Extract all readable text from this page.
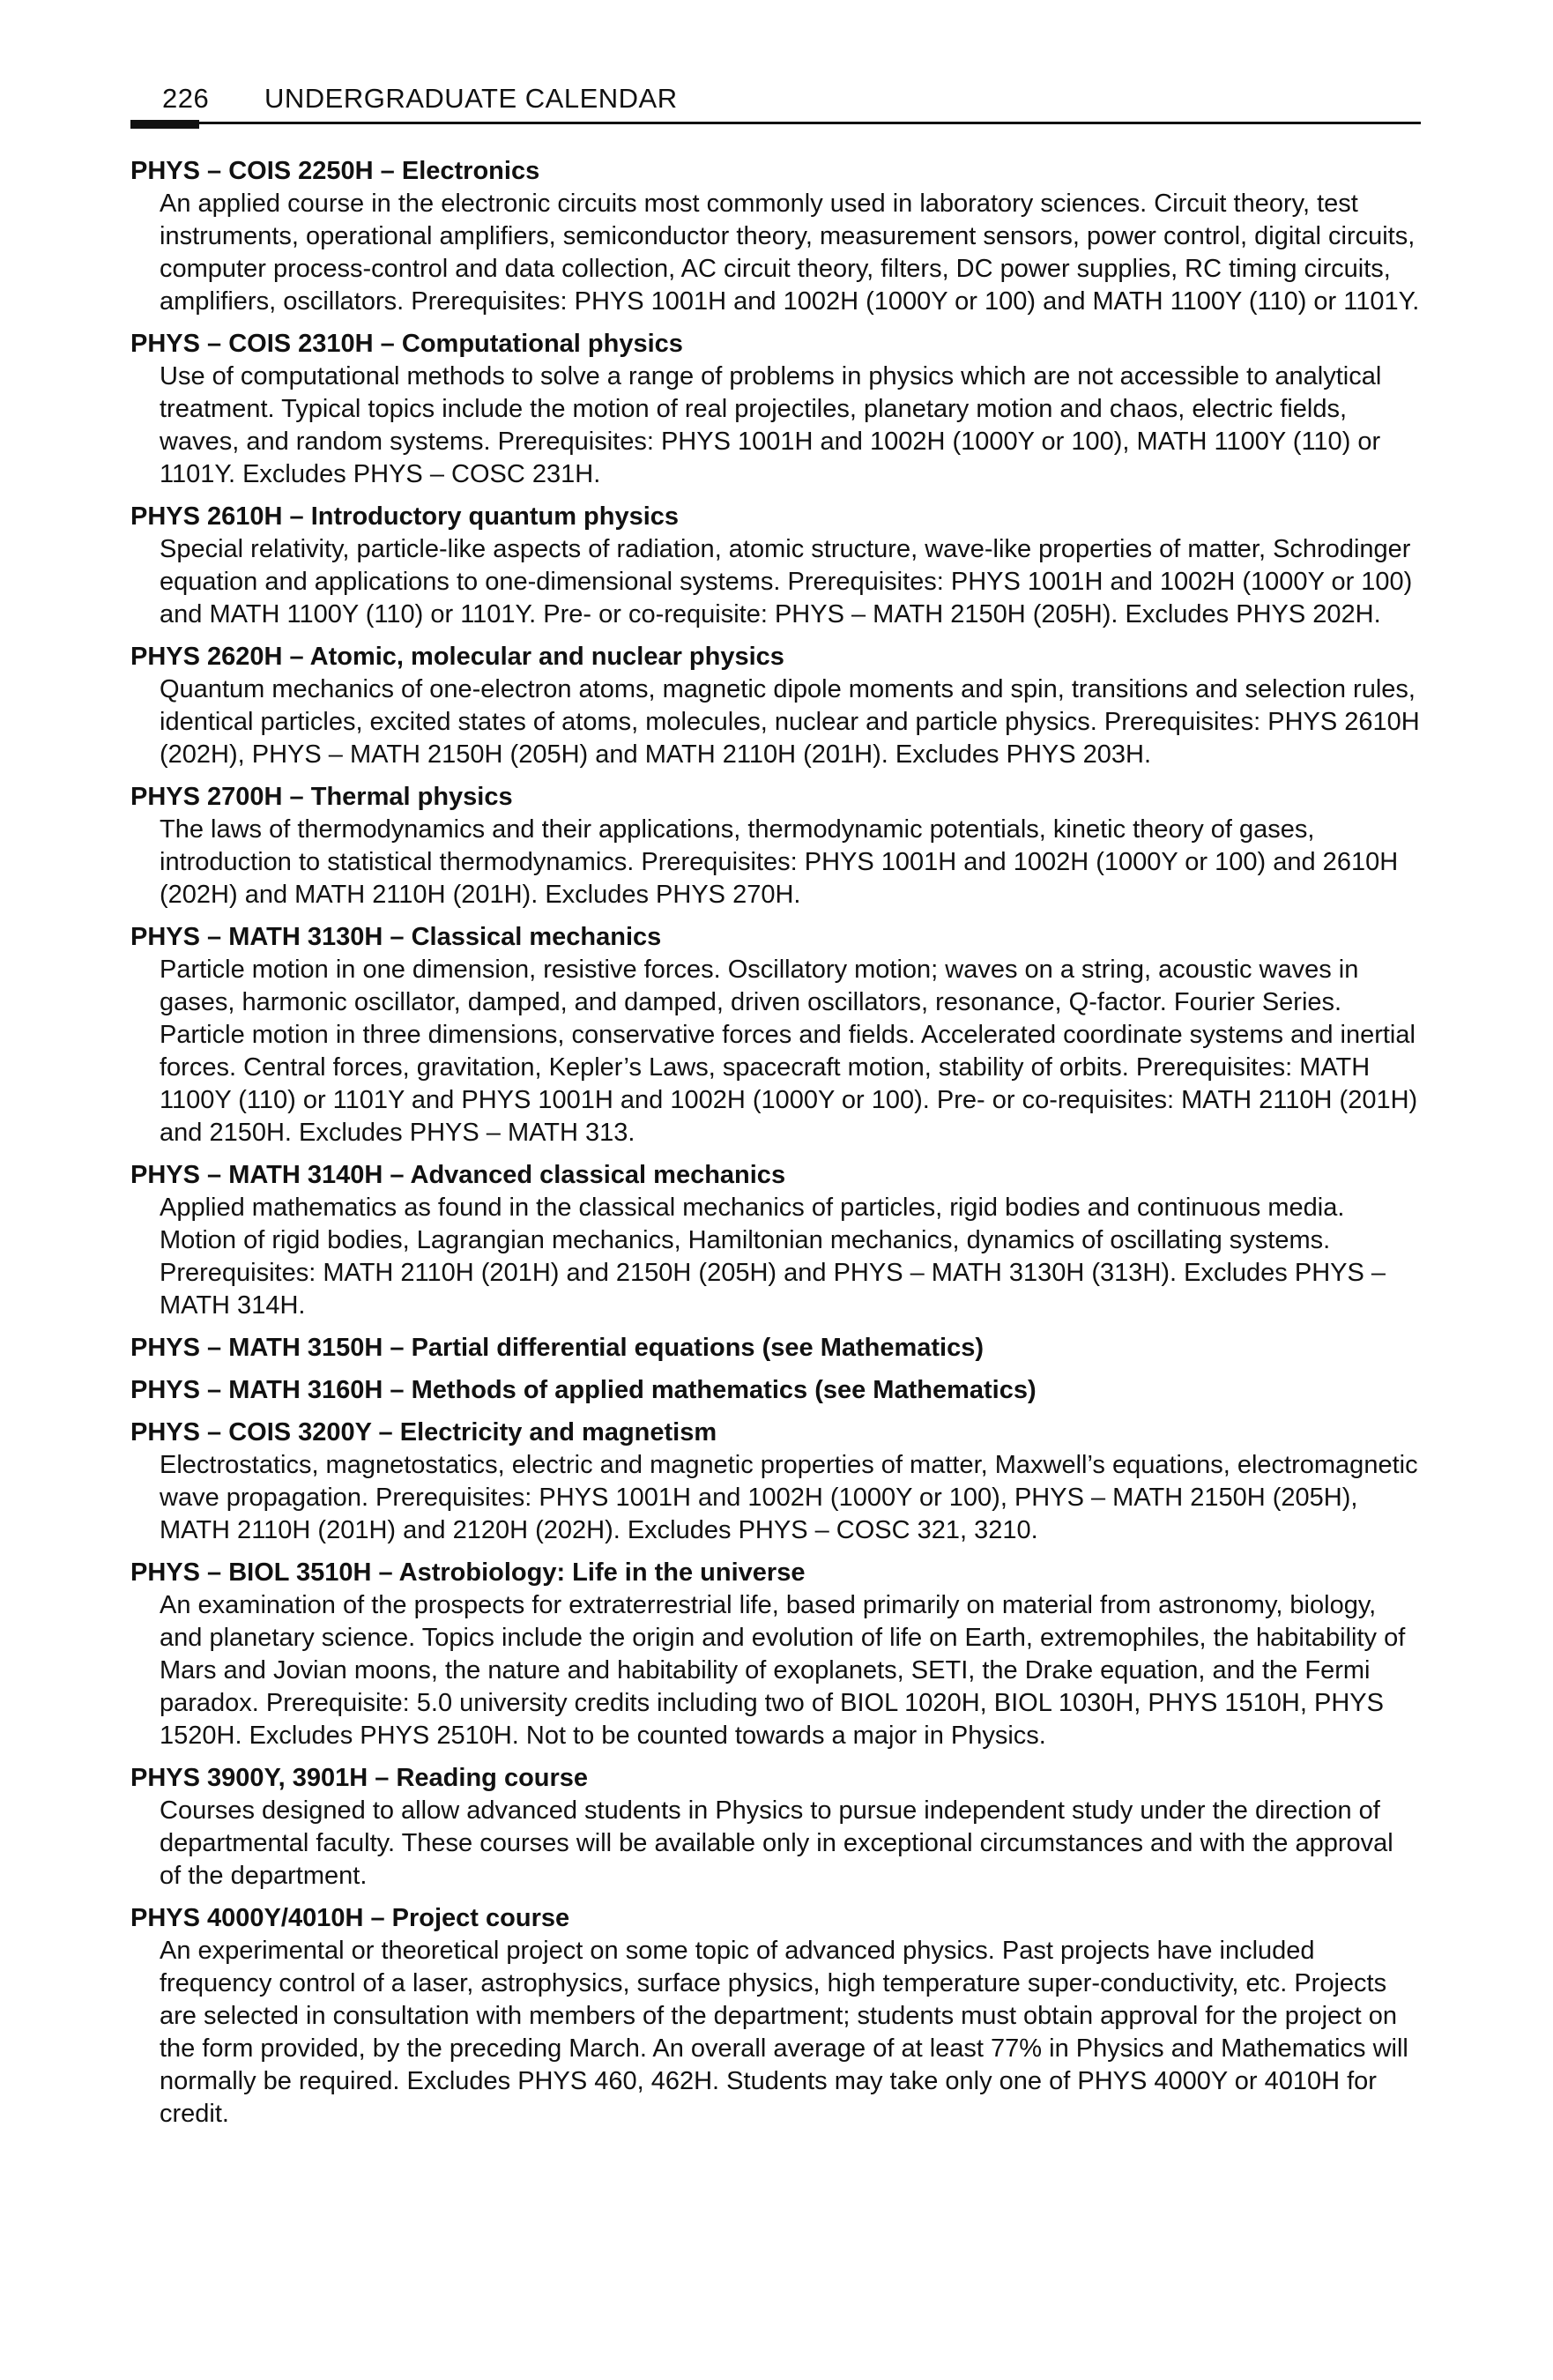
226 UNDERGRADUATE CALENDAR

PHYS – COIS 2250H – Electronics

An applied course in the electronic circuits most commonly used in laboratory sciences. Circuit theory, test instruments, operational amplifiers, semiconductor theory, measurement sensors, power control, digital circuits, computer process-control and data collection, AC circuit theory, filters, DC power supplies, RC timing circuits, amplifiers, oscillators. Prerequisites: PHYS 1001H and 1002H (1000Y or 100) and MATH 1100Y (110) or 1101Y.

PHYS – COIS 2310H – Computational physics

Use of computational methods to solve a range of problems in physics which are not accessible to analytical treatment. Typical topics include the motion of real projectiles, planetary motion and chaos, electric fields, waves, and random systems. Prerequisites: PHYS 1001H and 1002H (1000Y or 100), MATH 1100Y (110) or 1101Y. Excludes PHYS – COSC 231H.

PHYS 2610H – Introductory quantum physics

Special relativity, particle-like aspects of radiation, atomic structure, wave-like properties of matter, Schrodinger equation and applications to one-dimensional systems. Prerequisites: PHYS 1001H and 1002H (1000Y or 100) and MATH 1100Y (110) or 1101Y. Pre- or co-requisite: PHYS – MATH 2150H (205H). Excludes PHYS 202H.

PHYS 2620H – Atomic, molecular and nuclear physics

Quantum mechanics of one-electron atoms, magnetic dipole moments and spin, transitions and selection rules, identical particles, excited states of atoms, molecules, nuclear and particle physics. Prerequisites: PHYS 2610H (202H), PHYS – MATH 2150H (205H) and MATH 2110H (201H). Excludes PHYS 203H.

PHYS 2700H – Thermal physics

The laws of thermodynamics and their applications, thermodynamic potentials, kinetic theory of gases, introduction to statistical thermodynamics. Prerequisites: PHYS 1001H and 1002H (1000Y or 100) and 2610H (202H) and MATH 2110H (201H). Excludes PHYS 270H.

PHYS – MATH 3130H – Classical mechanics

Particle motion in one dimension, resistive forces. Oscillatory motion; waves on a string, acoustic waves in gases, harmonic oscillator, damped, and damped, driven oscillators, resonance, Q-factor. Fourier Series. Particle motion in three dimensions, conservative forces and fields. Accelerated coordinate systems and inertial forces. Central forces, gravitation, Kepler’s Laws, spacecraft motion, stability of orbits. Prerequisites: MATH 1100Y (110) or 1101Y and PHYS 1001H and 1002H (1000Y or 100). Pre- or co-requisites: MATH 2110H (201H) and 2150H. Excludes PHYS – MATH 313.

PHYS – MATH 3140H – Advanced classical mechanics

Applied mathematics as found in the classical mechanics of particles, rigid bodies and continuous media. Motion of rigid bodies, Lagrangian mechanics, Hamiltonian mechanics, dynamics of oscillating systems. Prerequisites: MATH 2110H (201H) and 2150H (205H) and PHYS – MATH 3130H (313H). Excludes PHYS – MATH 314H.

PHYS – MATH 3150H – Partial differential equations (see Mathematics)

PHYS – MATH 3160H – Methods of applied mathematics (see Mathematics)

PHYS – COIS 3200Y – Electricity and magnetism

Electrostatics, magnetostatics, electric and magnetic properties of matter, Maxwell’s equations, electromagnetic wave propagation. Prerequisites: PHYS 1001H and 1002H (1000Y or 100), PHYS – MATH 2150H (205H), MATH 2110H (201H) and 2120H (202H). Excludes PHYS – COSC 321, 3210.

PHYS – BIOL 3510H – Astrobiology: Life in the universe

An examination of the prospects for extraterrestrial life, based primarily on material from astronomy, biology, and planetary science. Topics include the origin and evolution of life on Earth, extremophiles, the habitability of Mars and Jovian moons, the nature and habitability of exoplanets, SETI, the Drake equation, and the Fermi paradox. Prerequisite: 5.0 university credits including two of BIOL 1020H, BIOL 1030H, PHYS 1510H, PHYS 1520H. Excludes PHYS 2510H. Not to be counted towards a major in Physics.

PHYS 3900Y, 3901H – Reading course

Courses designed to allow advanced students in Physics to pursue independent study under the direction of departmental faculty. These courses will be available only in exceptional circumstances and with the approval of the department.

PHYS 4000Y/4010H – Project course

An experimental or theoretical project on some topic of advanced physics. Past projects have included frequency control of a laser, astrophysics, surface physics, high temperature super-conductivity, etc. Projects are selected in consultation with members of the department; students must obtain approval for the project on the form provided, by the preceding March. An overall average of at least 77% in Physics and Mathematics will normally be required. Excludes PHYS 460, 462H. Students may take only one of PHYS 4000Y or 4010H for credit.
